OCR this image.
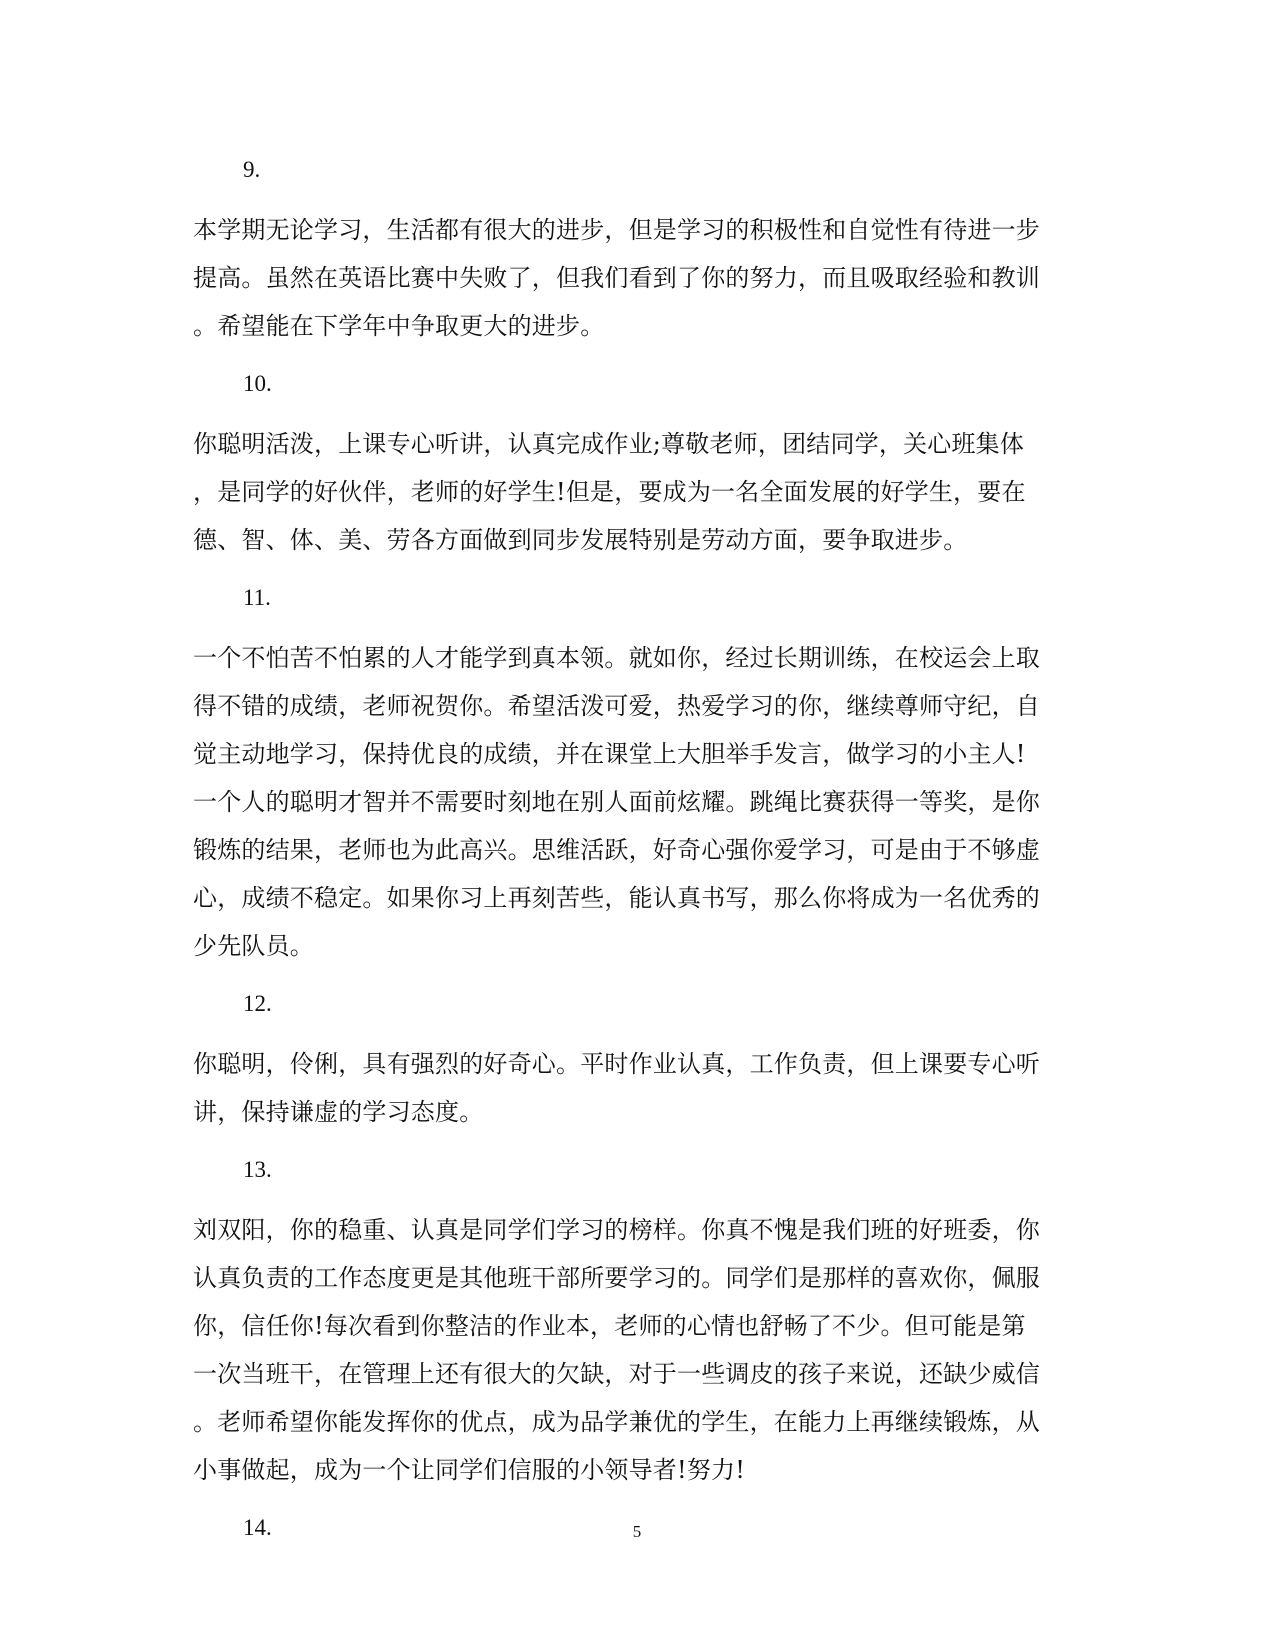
9.
本学期无论学习，生活都有很大的进步，但是学习的积极性和自觉性有待进一步
提高。虽然在英语比赛中失败了，但我们看到了你的努力，而且吸取经验和教训
。希望能在下学年中争取更大的进步。
10.
你聪明活泼，上课专心听讲，认真完成作业;尊敬老师，团结同学，关心班集体
，是同学的好伙伴，老师的好学生!但是，要成为一名全面发展的好学生，要在
德、智、体、美、劳各方面做到同步发展特别是劳动方面，要争取进步。
11.
一个不怕苦不怕累的人才能学到真本领。就如你，经过长期训练，在校运会上取
得不错的成绩，老师祝贺你。希望活泼可爱，热爱学习的你，继续尊师守纪，自
觉主动地学习，保持优良的成绩，并在课堂上大胆举手发言，做学习的小主人!
一个人的聪明才智并不需要时刻地在别人面前炫耀。跳绳比赛获得一等奖，是你
锻炼的结果，老师也为此高兴。思维活跃，好奇心强你爱学习，可是由于不够虚
心，成绩不稳定。如果你习上再刻苦些，能认真书写，那么你将成为一名优秀的
少先队员。
12.
你聪明，伶俐，具有强烈的好奇心。平时作业认真，工作负责，但上课要专心听
讲，保持谦虚的学习态度。
13.
刘双阳，你的稳重、认真是同学们学习的榜样。你真不愧是我们班的好班委，你
认真负责的工作态度更是其他班干部所要学习的。同学们是那样的喜欢你，佩服
你，信任你!每次看到你整洁的作业本，老师的心情也舒畅了不少。但可能是第
一次当班干，在管理上还有很大的欠缺，对于一些调皮的孩子来说，还缺少威信
。老师希望你能发挥你的优点，成为品学兼优的学生，在能力上再继续锻炼，从
小事做起，成为一个让同学们信服的小领导者!努力!
14.	5
